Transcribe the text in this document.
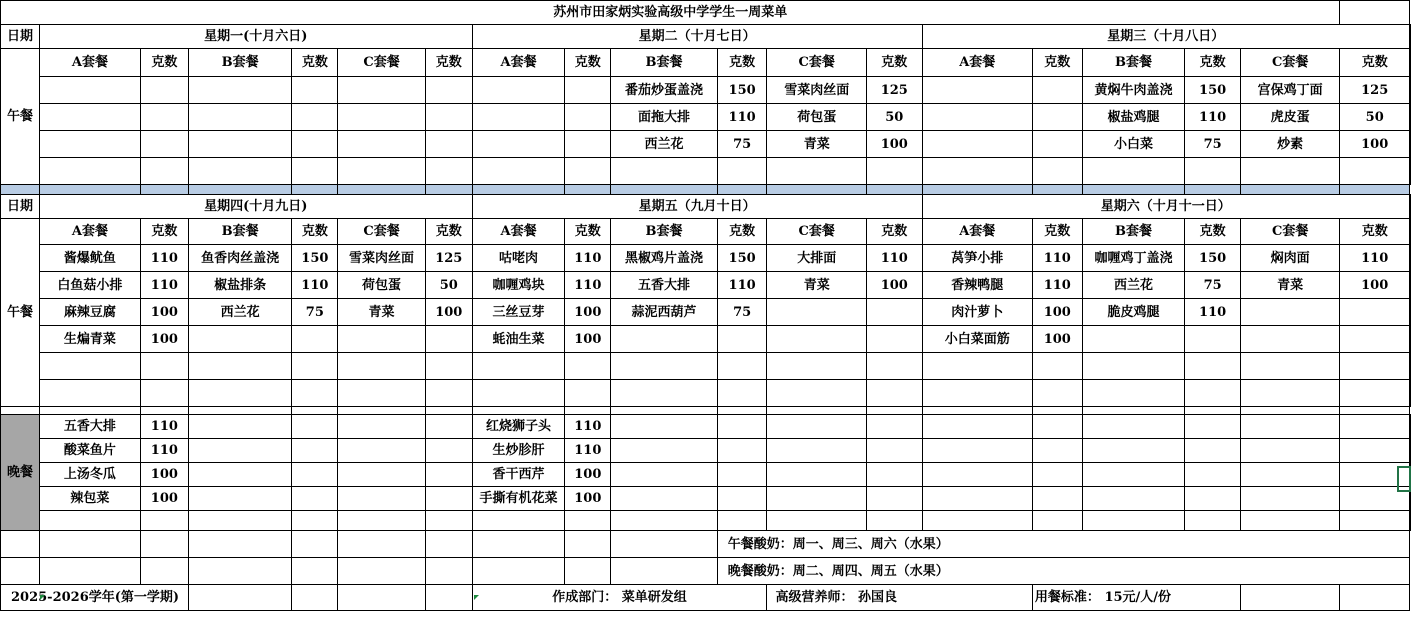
苏州市田家炳实验高级中学学生一周菜单																			
日期	星期一(十月六日)						星期二（十月七日）						星期三（十月八日）						
午餐	A套餐	克数	B套餐	克数	C套餐	克数	A套餐	克数	B套餐	克数	C套餐	克数	A套餐	克数	B套餐	克数	C套餐	克数	
									番茄炒蛋盖浇	150	雪菜肉丝面	125			黄焖牛肉盖浇	150	宫保鸡丁面	125	
									面拖大排	110	荷包蛋	50			椒盐鸡腿	110	虎皮蛋	50	
									西兰花	75	青菜	100			小白菜	75	炒素	100	

日期	星期四(十月九日)						星期五（九月十日）						星期六（十月十一日）						
午餐	A套餐	克数	B套餐	克数	C套餐	克数	A套餐	克数	B套餐	克数	C套餐	克数	A套餐	克数	B套餐	克数	C套餐	克数	
	酱爆鱿鱼	110	鱼香肉丝盖浇	150	雪菜肉丝面	125	咕咾肉	110	黑椒鸡片盖浇	150	大排面	110	莴笋小排	110	咖喱鸡丁盖浇	150	焖肉面	110	
	白鱼菇小排	110	椒盐排条	110	荷包蛋	50	咖喱鸡块	110	五香大排	110	青菜	100	香辣鸭腿	110	西兰花	75	青菜	100	
	麻辣豆腐	100	西兰花	75	青菜	100	三丝豆芽	100	蒜泥西葫芦	75			肉汁萝卜	100	脆皮鸡腿	110			
	生煸青菜	100					蚝油生菜	100					小白菜面筋	100					

晚餐	五香大排	110					红烧狮子头	110											
	酸菜鱼片	110					生炒胗肝	110											
	上汤冬瓜	100					香干西芹	100											
	辣包菜	100					手撕有机花菜	100											

										午餐酸奶：周一、周三、周六（水果）									
										晚餐酸奶：周二、周四、周五（水果）									
2025-2026学年(第一学期)							作成部门： 菜单研发组				高级营养师： 孙国良			用餐标准： 15元/人/份					
